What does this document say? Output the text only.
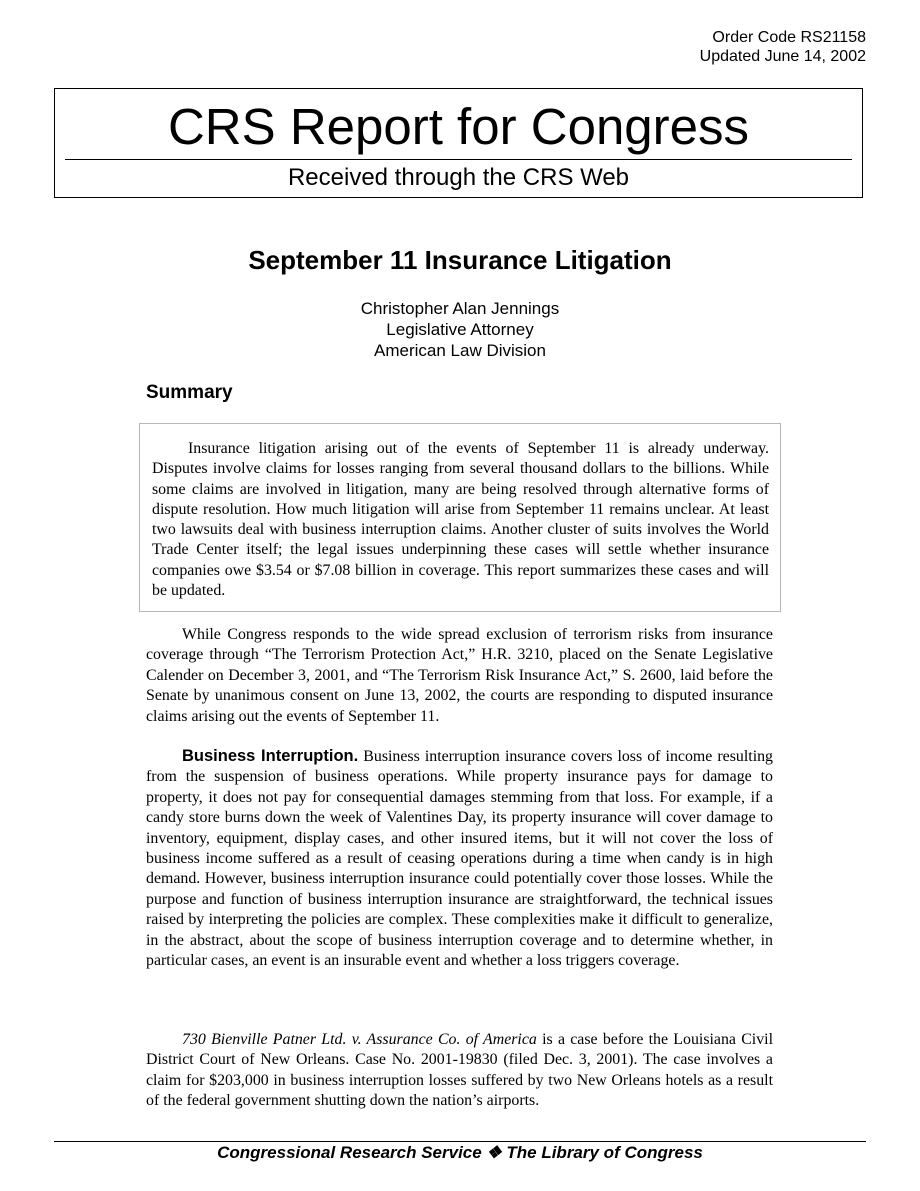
Order Code RS21158
Updated June 14, 2002
CRS Report for Congress
Received through the CRS Web
September 11 Insurance Litigation
Christopher Alan Jennings
Legislative Attorney
American Law Division
Summary

Insurance litigation arising out of the events of September 11 is already underway. Disputes involve claims for losses ranging from several thousand dollars to the billions. While some claims are involved in litigation, many are being resolved through alternative forms of dispute resolution. How much litigation will arise from September 11 remains unclear. At least two lawsuits deal with business interruption claims. Another cluster of suits involves the World Trade Center itself; the legal issues underpinning these cases will settle whether insurance companies owe $3.54 or $7.08 billion in coverage. This report summarizes these cases and will be updated.

While Congress responds to the wide spread exclusion of terrorism risks from insurance coverage through “The Terrorism Protection Act,” H.R. 3210, placed on the Senate Legislative Calender on December 3, 2001, and “The Terrorism Risk Insurance Act,” S. 2600, laid before the Senate by unanimous consent on June 13, 2002, the courts are responding to disputed insurance claims arising out the events of September 11.

Business Interruption. Business interruption insurance covers loss of income resulting from the suspension of business operations. While property insurance pays for damage to property, it does not pay for consequential damages stemming from that loss. For example, if a candy store burns down the week of Valentines Day, its property insurance will cover damage to inventory, equipment, display cases, and other insured items, but it will not cover the loss of business income suffered as a result of ceasing operations during a time when candy is in high demand. However, business interruption insurance could potentially cover those losses. While the purpose and function of business interruption insurance are straightforward, the technical issues raised by interpreting the policies are complex. These complexities make it difficult to generalize, in the abstract, about the scope of business interruption coverage and to determine whether, in particular cases, an event is an insurable event and whether a loss triggers coverage.

730 Bienville Patner Ltd. v. Assurance Co. of America is a case before the Louisiana Civil District Court of New Orleans. Case No. 2001-19830 (filed Dec. 3, 2001). The case involves a claim for $203,000 in business interruption losses suffered by two New Orleans hotels as a result of the federal government shutting down the nation’s airports.

Congressional Research Service ❖ The Library of Congress
